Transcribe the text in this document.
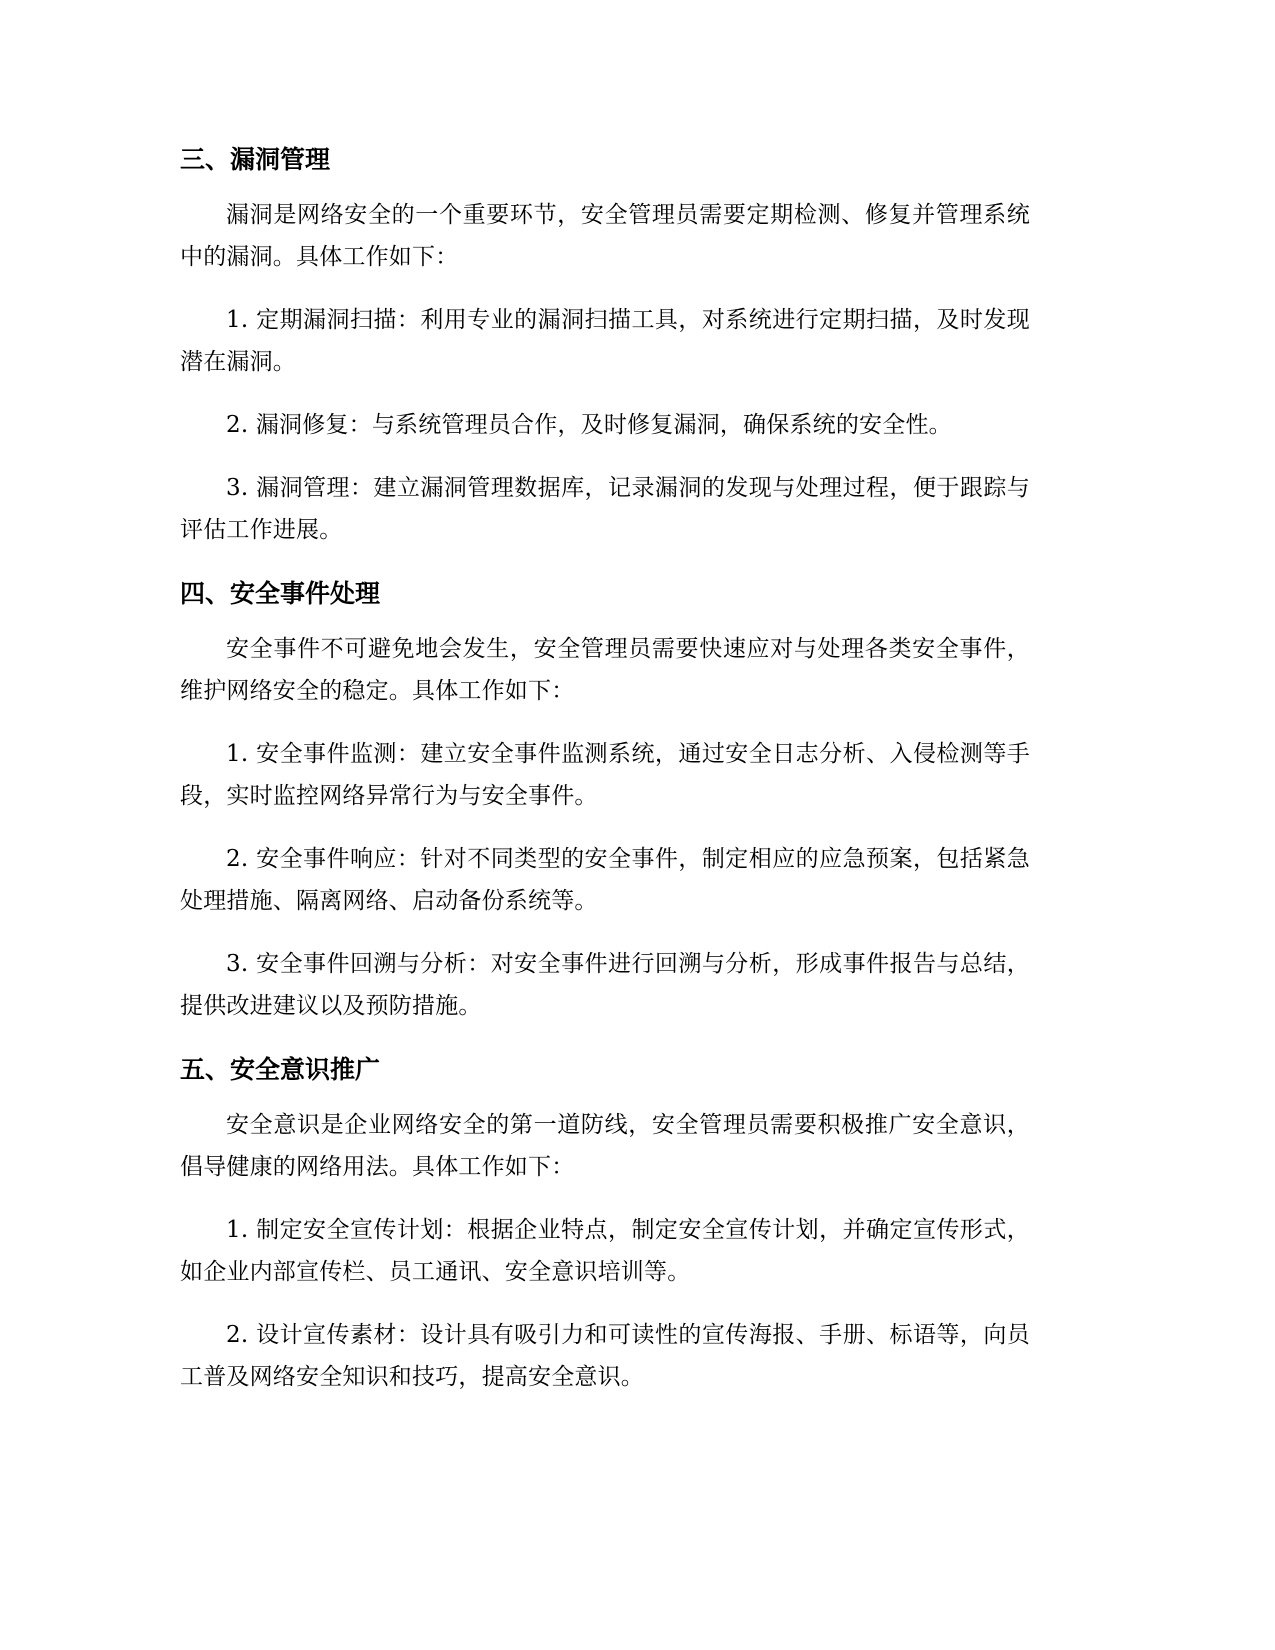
三、漏洞管理

漏洞是网络安全的一个重要环节，安全管理员需要定期检测、修复并管理系统中的漏洞。具体工作如下：

1. 定期漏洞扫描：利用专业的漏洞扫描工具，对系统进行定期扫描，及时发现潜在漏洞。

2. 漏洞修复：与系统管理员合作，及时修复漏洞，确保系统的安全性。

3. 漏洞管理：建立漏洞管理数据库，记录漏洞的发现与处理过程，便于跟踪与评估工作进展。

四、安全事件处理

安全事件不可避免地会发生，安全管理员需要快速应对与处理各类安全事件，维护网络安全的稳定。具体工作如下：

1. 安全事件监测：建立安全事件监测系统，通过安全日志分析、入侵检测等手段，实时监控网络异常行为与安全事件。

2. 安全事件响应：针对不同类型的安全事件，制定相应的应急预案，包括紧急处理措施、隔离网络、启动备份系统等。

3. 安全事件回溯与分析：对安全事件进行回溯与分析，形成事件报告与总结，提供改进建议以及预防措施。

五、安全意识推广

安全意识是企业网络安全的第一道防线，安全管理员需要积极推广安全意识，倡导健康的网络用法。具体工作如下：

1. 制定安全宣传计划：根据企业特点，制定安全宣传计划，并确定宣传形式，如企业内部宣传栏、员工通讯、安全意识培训等。

2. 设计宣传素材：设计具有吸引力和可读性的宣传海报、手册、标语等，向员工普及网络安全知识和技巧，提高安全意识。
